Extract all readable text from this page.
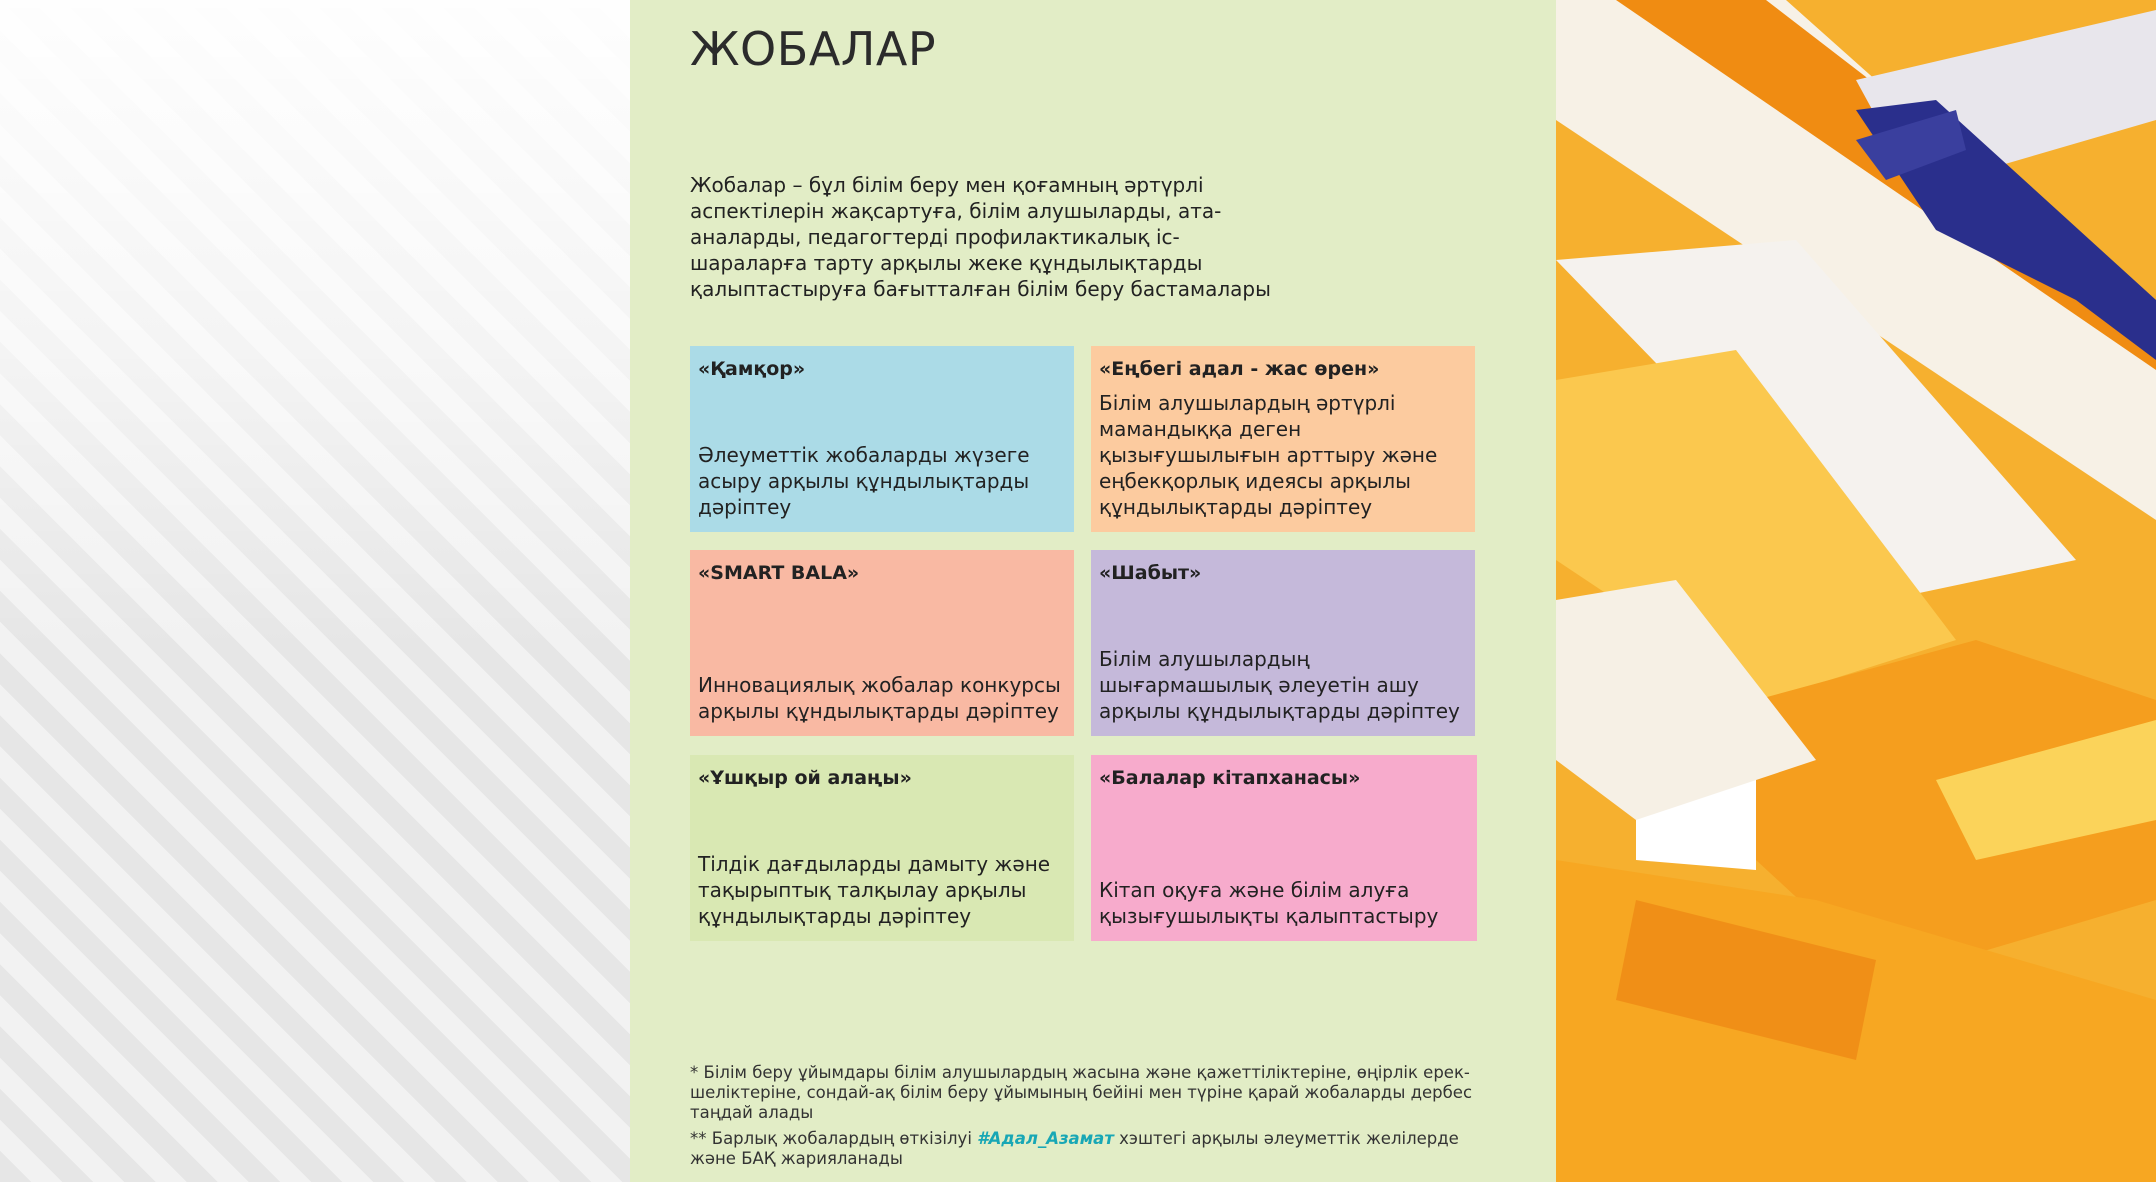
ЖОБАЛАР
Жобалар – бұл білім беру мен қоғамның әртүрлі аспектілерін жақсартуға, білім алушыларды, ата-аналарды, педагогтерді профилактикалық іс-шараларға тарту арқылы жеке құндылықтарды қалыптастыруға бағытталған білім беру бастамалары
«Қамқор»
Әлеуметтік жобаларды жүзеге асыру арқылы құндылықтарды дәріптеу
«Еңбегі адал - жас өрен»
Білім алушылардың әртүрлі мамандыққа деген қызығушылығын арттыру және еңбекқорлық идеясы арқылы құндылықтарды дәріптеу
«SMART BALA»
Инновациялық жобалар конкурсы арқылы құндылықтарды дәріптеу
«Шабыт»
Білім алушылардың шығармашылық әлеуетін ашу арқылы құндылықтарды дәріптеу
«Ұшқыр ой алаңы»
Тілдік дағдыларды дамыту және тақырыптық талқылау арқылы құндылықтарды дәріптеу
«Балалар кітапханасы»
Кітап оқуға және білім алуға қызығушылықты қалыптастыру

* Білім беру ұйымдары білім алушылардың жасына және қажеттіліктеріне, өңірлік ерек-шеліктеріне, сондай-ақ білім беру ұйымының бейіні мен түріне қарай жобаларды дербес таңдай алады

** Барлық жобалардың өткізілуі #Адал_Азамат хэштегі арқылы әлеуметтік желілерде және БАҚ жарияланады
